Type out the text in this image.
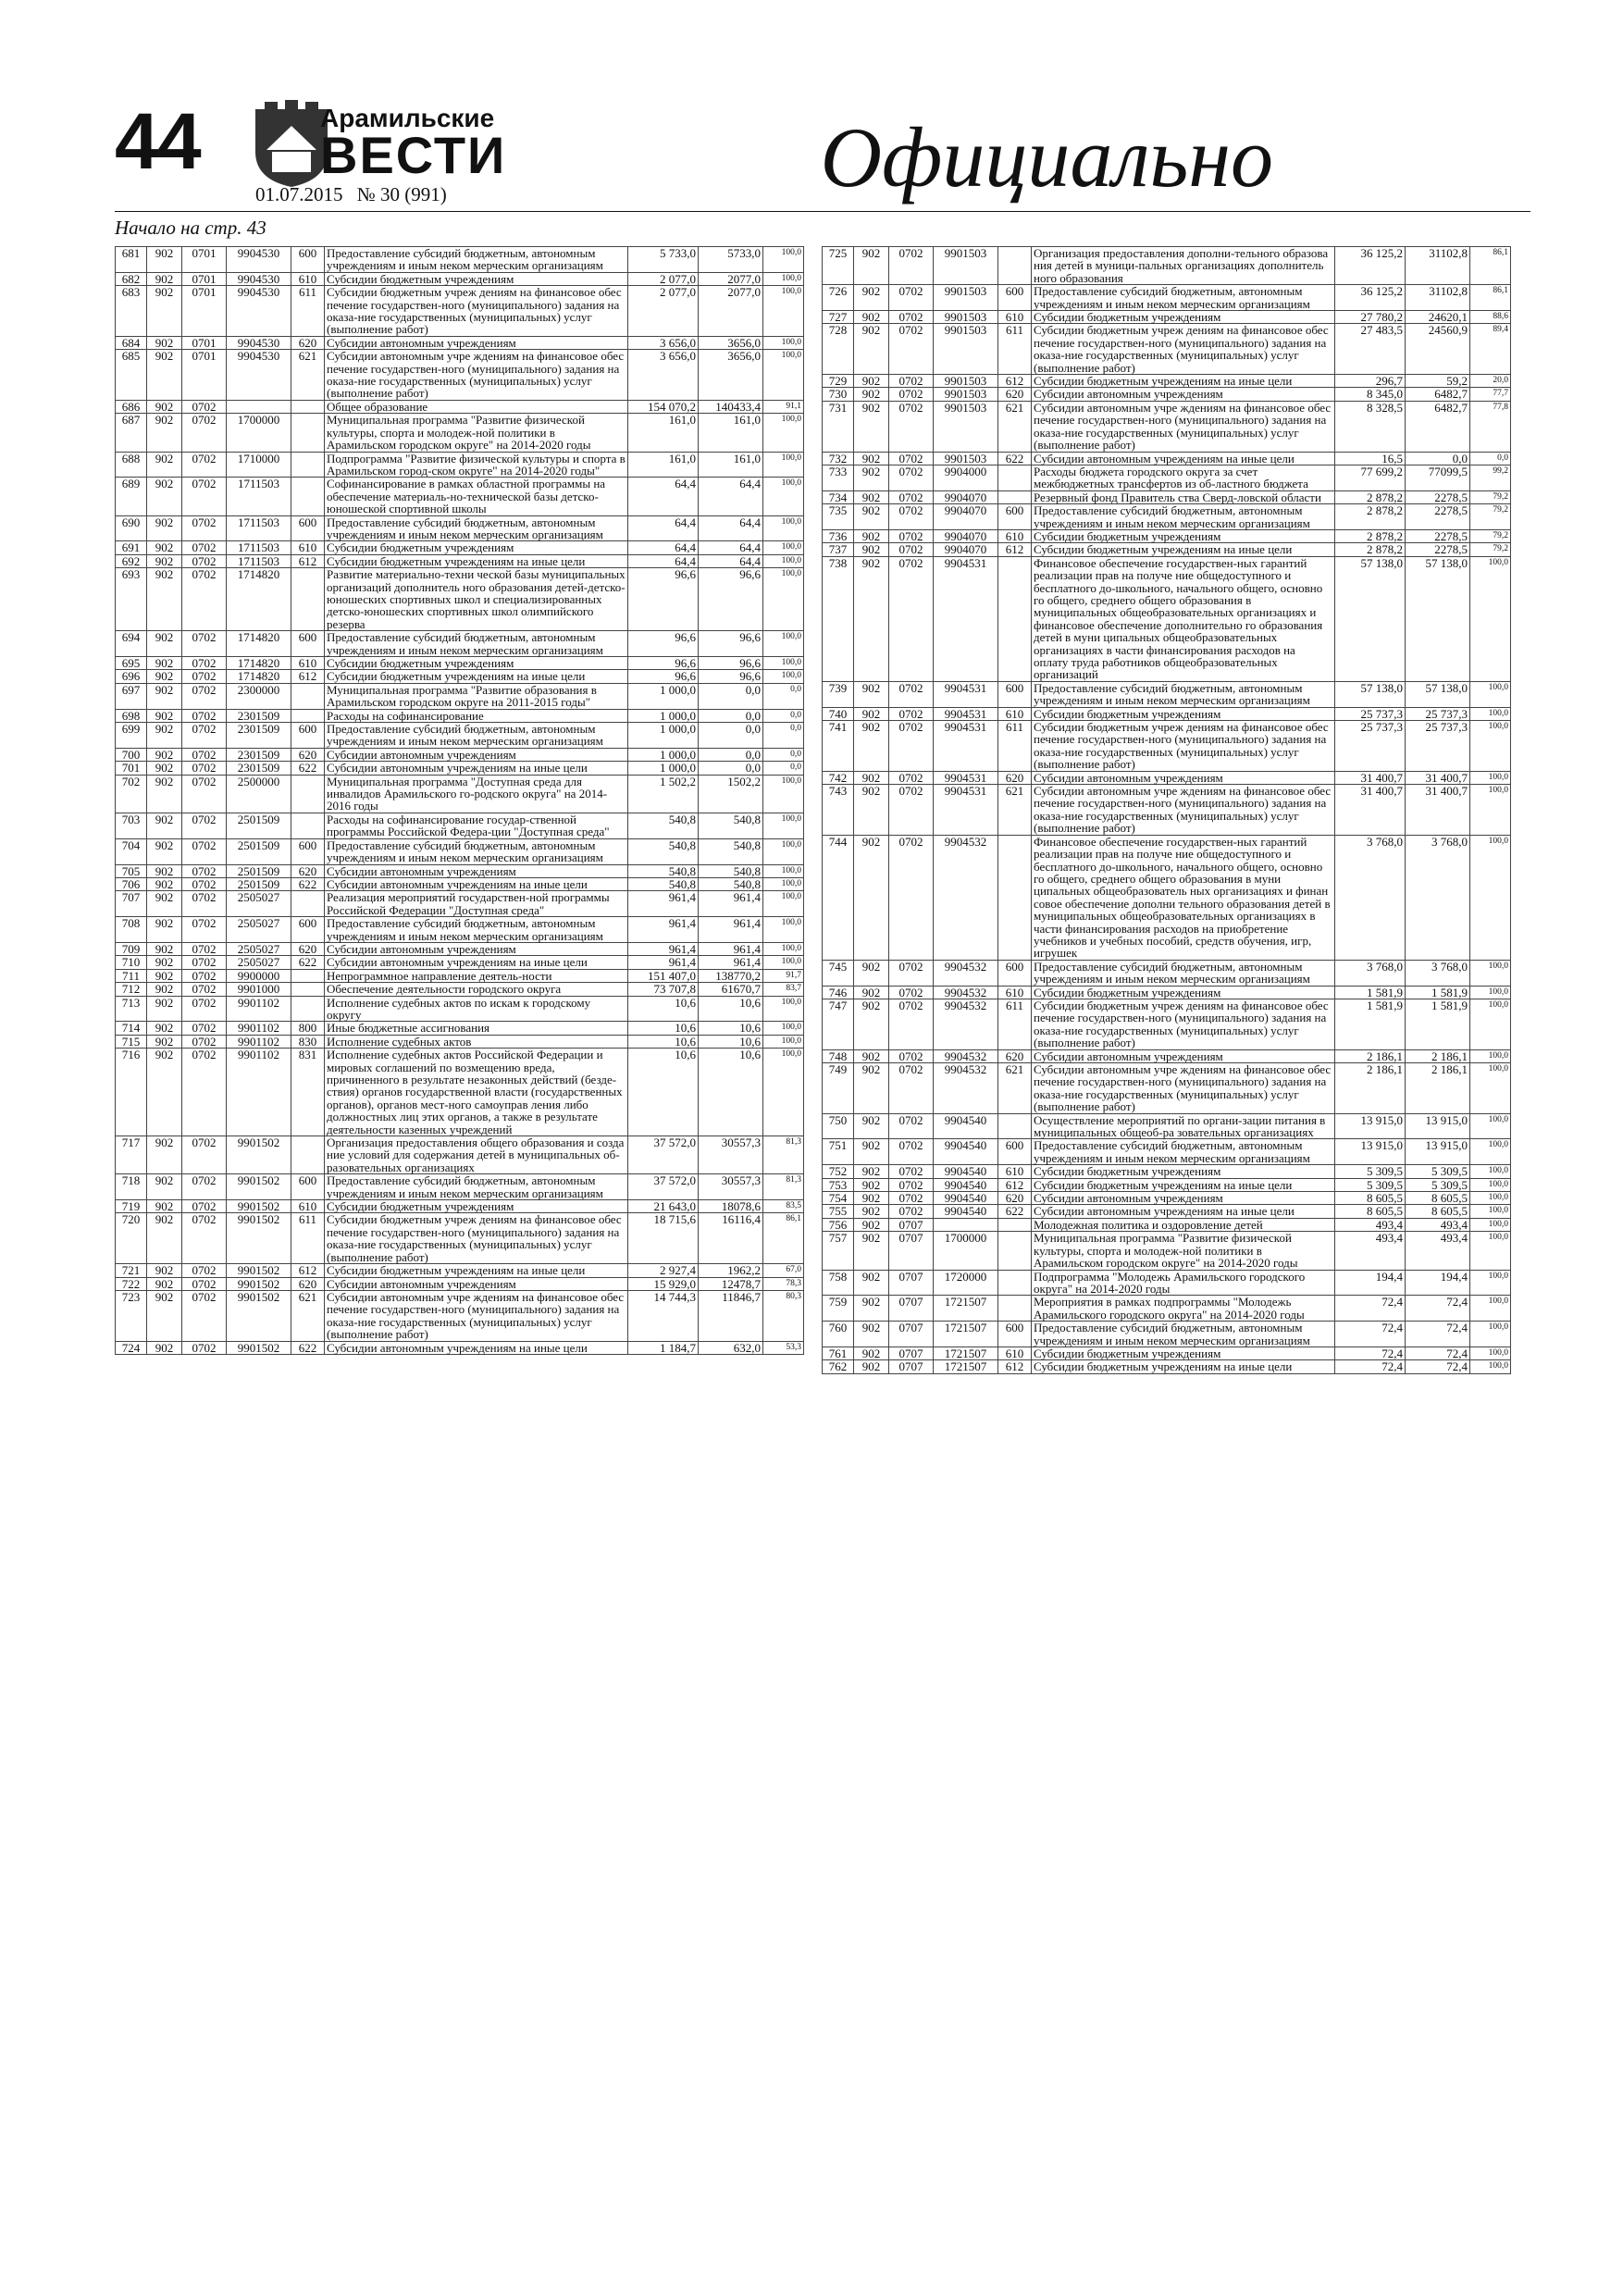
44	Арамильские
ВЕСТИ
01.07.2015 № 30 (991)	Официально
Начало на стр. 43
681	902	0701	9904530	600	Предоставление субсидий бюджетным, автономным учреждениям и иным неком мерческим организациям	5 733,0	5733,0	100,0
682	902	0701	9904530	610	Субсидии бюджетным учреждениям	2 077,0	2077,0	100,0
683	902	0701	9904530	611	Субсидии бюджетным учреж дениям на финансовое обес печение государствен-ного (муниципального) задания на оказа-ние государственных (муниципальных) услуг (выполнение работ)	2 077,0	2077,0	100,0
684	902	0701	9904530	620	Субсидии автономным учреждениям	3 656,0	3656,0	100,0
685	902	0701	9904530	621	Субсидии автономным учре ждениям на финансовое обес печение государствен-ного (муниципального) задания на оказа-ние государственных (муниципальных) услуг (выполнение работ)	3 656,0	3656,0	100,0
686	902	0702			Общее образование	154 070,2	140433,4	91,1
687	902	0702	1700000		Муниципальная программа "Развитие физической культуры, спорта и молодеж-ной политики в Арамильском городском округе" на 2014-2020 годы	161,0	161,0	100,0
688	902	0702	1710000		Подпрограмма "Развитие физической культуры и спорта в Арамильском город-ском округе" на 2014-2020 годы"	161,0	161,0	100,0
689	902	0702	1711503		Софинансирование в рамках областной программы на обеспечение материаль-но-технической базы детско-юношеской спортивной школы	64,4	64,4	100,0
690	902	0702	1711503	600	Предоставление субсидий бюджетным, автономным учреждениям и иным неком мерческим организациям	64,4	64,4	100,0
691	902	0702	1711503	610	Субсидии бюджетным учреждениям	64,4	64,4	100,0
692	902	0702	1711503	612	Субсидии бюджетным учреждениям на иные цели	64,4	64,4	100,0
693	902	0702	1714820		Развитие материально-техни ческой базы муниципальных организаций дополнитель ного образования детей-детско-юношеских спортивных школ и специализированных детско-юношеских спортивных школ олимпийского резерва	96,6	96,6	100,0
694	902	0702	1714820	600	Предоставление субсидий бюджетным, автономным учреждениям и иным неком мерческим организациям	96,6	96,6	100,0
695	902	0702	1714820	610	Субсидии бюджетным учреждениям	96,6	96,6	100,0
696	902	0702	1714820	612	Субсидии бюджетным учреждениям на иные цели	96,6	96,6	100,0
697	902	0702	2300000		Муниципальная программа "Развитие образования в Арамильском городском округе на 2011-2015 годы"	1 000,0	0,0	0,0
698	902	0702	2301509		Расходы на софинансирование	1 000,0	0,0	0,0
699	902	0702	2301509	600	Предоставление субсидий бюджетным, автономным учреждениям и иным неком мерческим организациям	1 000,0	0,0	0,0
700	902	0702	2301509	620	Субсидии автономным учреждениям	1 000,0	0,0	0,0
701	902	0702	2301509	622	Субсидии автономным учреждениям на иные цели	1 000,0	0,0	0,0
702	902	0702	2500000		Муниципальная программа "Доступная среда для инвалидов Арамильского го-родского округа" на 2014-2016 годы	1 502,2	1502,2	100,0
703	902	0702	2501509		Расходы на софинансирование государ-ственной программы Российской Федера-ции "Доступная среда"	540,8	540,8	100,0
704	902	0702	2501509	600	Предоставление субсидий бюджетным, автономным учреждениям и иным неком мерческим организациям	540,8	540,8	100,0
705	902	0702	2501509	620	Субсидии автономным учреждениям	540,8	540,8	100,0
706	902	0702	2501509	622	Субсидии автономным учреждениям на иные цели	540,8	540,8	100,0
707	902	0702	2505027		Реализация мероприятий государствен-ной программы Российской Федерации "Доступная среда"	961,4	961,4	100,0
708	902	0702	2505027	600	Предоставление субсидий бюджетным, автономным учреждениям и иным неком мерческим организациям	961,4	961,4	100,0
709	902	0702	2505027	620	Субсидии автономным учреждениям	961,4	961,4	100,0
710	902	0702	2505027	622	Субсидии автономным учреждениям на иные цели	961,4	961,4	100,0
711	902	0702	9900000		Непрограммное направление деятель-ности	151 407,0	138770,2	91,7
712	902	0702	9901000		Обеспечение деятельности городского округа	73 707,8	61670,7	83,7
713	902	0702	9901102		Исполнение судебных актов по искам к городскому округу	10,6	10,6	100,0
714	902	0702	9901102	800	Иные бюджетные ассигнования	10,6	10,6	100,0
715	902	0702	9901102	830	Исполнение судебных актов	10,6	10,6	100,0
716	902	0702	9901102	831	Исполнение судебных актов Российской Федерации и мировых соглашений по возмещению вреда, причиненного в результате незаконных действий (безде-ствия) органов государственной власти (государственных органов), органов мест-ного самоуправ ления либо должностных лиц этих органов, а также в результате деятельности казенных учреждений	10,6	10,6	100,0
717	902	0702	9901502		Организация предоставления общего образования и созда ние условий для содержания детей в муниципальных об-разовательных организациях	37 572,0	30557,3	81,3
718	902	0702	9901502	600	Предоставление субсидий бюджетным, автономным учреждениям и иным неком мерческим организациям	37 572,0	30557,3	81,3
719	902	0702	9901502	610	Субсидии бюджетным учреждениям	21 643,0	18078,6	83,5
720	902	0702	9901502	611	Субсидии бюджетным учреж дениям на финансовое обес печение государствен-ного (муниципального) задания на оказа-ние государственных (муниципальных) услуг (выполнение работ)	18 715,6	16116,4	86,1
721	902	0702	9901502	612	Субсидии бюджетным учреждениям на иные цели	2 927,4	1962,2	67,0
722	902	0702	9901502	620	Субсидии автономным учреждениям	15 929,0	12478,7	78,3
723	902	0702	9901502	621	Субсидии автономным учре ждениям на финансовое обес печение государствен-ного (муниципального) задания на оказа-ние государственных (муниципальных) услуг (выполнение работ)	14 744,3	11846,7	80,3
724	902	0702	9901502	622	Субсидии автономным учреждениям на иные цели	1 184,7	632,0	53,3
725	902	0702	9901503		Организация предоставления дополни-тельного образова ния детей в муници-пальных организациях дополнитель ного образования	36 125,2	31102,8	86,1
726	902	0702	9901503	600	Предоставление субсидий бюджетным, автономным учреждениям и иным неком мерческим организациям	36 125,2	31102,8	86,1
727	902	0702	9901503	610	Субсидии бюджетным учреждениям	27 780,2	24620,1	88,6
728	902	0702	9901503	611	Субсидии бюджетным учреж дениям на финансовое обес печение государствен-ного (муниципального) задания на оказа-ние государственных (муниципальных) услуг (выполнение работ)	27 483,5	24560,9	89,4
729	902	0702	9901503	612	Субсидии бюджетным учреждениям на иные цели	296,7	59,2	20,0
730	902	0702	9901503	620	Субсидии автономным учреждениям	8 345,0	6482,7	77,7
731	902	0702	9901503	621	Субсидии автономным учре ждениям на финансовое обес печение государствен-ного (муниципального) задания на оказа-ние государственных (муниципальных) услуг (выполнение работ)	8 328,5	6482,7	77,8
732	902	0702	9901503	622	Субсидии автономным учреждениям на иные цели	16,5	0,0	0,0
733	902	0702	9904000		Расходы бюджета городского округа за счет межбюджетных трансфертов из об-ластного бюджета	77 699,2	77099,5	99,2
734	902	0702	9904070		Резервный фонд Правитель ства Сверд-ловской области	2 878,2	2278,5	79,2
735	902	0702	9904070	600	Предоставление субсидий бюджетным, автономным учреждениям и иным неком мерческим организациям	2 878,2	2278,5	79,2
736	902	0702	9904070	610	Субсидии бюджетным учреждениям	2 878,2	2278,5	79,2
737	902	0702	9904070	612	Субсидии бюджетным учреждениям на иные цели	2 878,2	2278,5	79,2
738	902	0702	9904531		Финансовое обеспечение государствен-ных гарантий реализации прав на получе ние общедоступного и бесплатного до-школьного, начального общего, основно го общего, среднего общего образования в муниципальных общеобразовательных организациях и финансовое обеспечение дополнительно го образования детей в муни ципальных общеобразовательных организациях в части финансирования расходов на оплату труда работников общеобразовательных организаций	57 138,0	57 138,0	100,0
739	902	0702	9904531	600	Предоставление субсидий бюджетным, автономным учреждениям и иным неком мерческим организациям	57 138,0	57 138,0	100,0
740	902	0702	9904531	610	Субсидии бюджетным учреждениям	25 737,3	25 737,3	100,0
741	902	0702	9904531	611	Субсидии бюджетным учреж дениям на финансовое обес печение государствен-ного (муниципального) задания на оказа-ние государственных (муниципальных) услуг (выполнение работ)	25 737,3	25 737,3	100,0
742	902	0702	9904531	620	Субсидии автономным учреждениям	31 400,7	31 400,7	100,0
743	902	0702	9904531	621	Субсидии автономным учре ждениям на финансовое обес печение государствен-ного (муниципального) задания на оказа-ние государственных (муниципальных) услуг (выполнение работ)	31 400,7	31 400,7	100,0
744	902	0702	9904532		Финансовое обеспечение государствен-ных гарантий реализации прав на получе ние общедоступного и бесплатного до-школьного, начального общего, основно го общего, среднего общего образования в муни ципальных общеобразователь ных организациях и финан совое обеспечение дополни тельного образования детей в муниципальных общеобразовательных организациях в части финансирования расходов на приобретение учебников и учебных пособий, средств обучения, игр, игрушек	3 768,0	3 768,0	100,0
745	902	0702	9904532	600	Предоставление субсидий бюджетным, автономным учреждениям и иным неком мерческим организациям	3 768,0	3 768,0	100,0
746	902	0702	9904532	610	Субсидии бюджетным учреждениям	1 581,9	1 581,9	100,0
747	902	0702	9904532	611	Субсидии бюджетным учреж дениям на финансовое обес печение государствен-ного (муниципального) задания на оказа-ние государственных (муниципальных) услуг (выполнение работ)	1 581,9	1 581,9	100,0
748	902	0702	9904532	620	Субсидии автономным учреждениям	2 186,1	2 186,1	100,0
749	902	0702	9904532	621	Субсидии автономным учре ждениям на финансовое обес печение государствен-ного (муниципального) задания на оказа-ние государственных (муниципальных) услуг (выполнение работ)	2 186,1	2 186,1	100,0
750	902	0702	9904540		Осуществление мероприятий по органи-зации питания в муниципальных общеоб-ра зовательных организациях	13 915,0	13 915,0	100,0
751	902	0702	9904540	600	Предоставление субсидий бюджетным, автономным учреждениям и иным неком мерческим организациям	13 915,0	13 915,0	100,0
752	902	0702	9904540	610	Субсидии бюджетным учреждениям	5 309,5	5 309,5	100,0
753	902	0702	9904540	612	Субсидии бюджетным учреждениям на иные цели	5 309,5	5 309,5	100,0
754	902	0702	9904540	620	Субсидии автономным учреждениям	8 605,5	8 605,5	100,0
755	902	0702	9904540	622	Субсидии автономным учреждениям на иные цели	8 605,5	8 605,5	100,0
756	902	0707			Молодежная политика и оздоровление детей	493,4	493,4	100,0
757	902	0707	1700000		Муниципальная программа "Развитие физической культуры, спорта и молодеж-ной политики в Арамильском городском округе" на 2014-2020 годы	493,4	493,4	100,0
758	902	0707	1720000		Подпрограмма "Молодежь Арамильского городского округа" на 2014-2020 годы	194,4	194,4	100,0
759	902	0707	1721507		Мероприятия в рамках подпрограммы "Молодежь Арамильского городского округа" на 2014-2020 годы	72,4	72,4	100,0
760	902	0707	1721507	600	Предоставление субсидий бюджетным, автономным учреждениям и иным неком мерческим организациям	72,4	72,4	100,0
761	902	0707	1721507	610	Субсидии бюджетным учреждениям	72,4	72,4	100,0
762	902	0707	1721507	612	Субсидии бюджетным учреждениям на иные цели	72,4	72,4	100,0
